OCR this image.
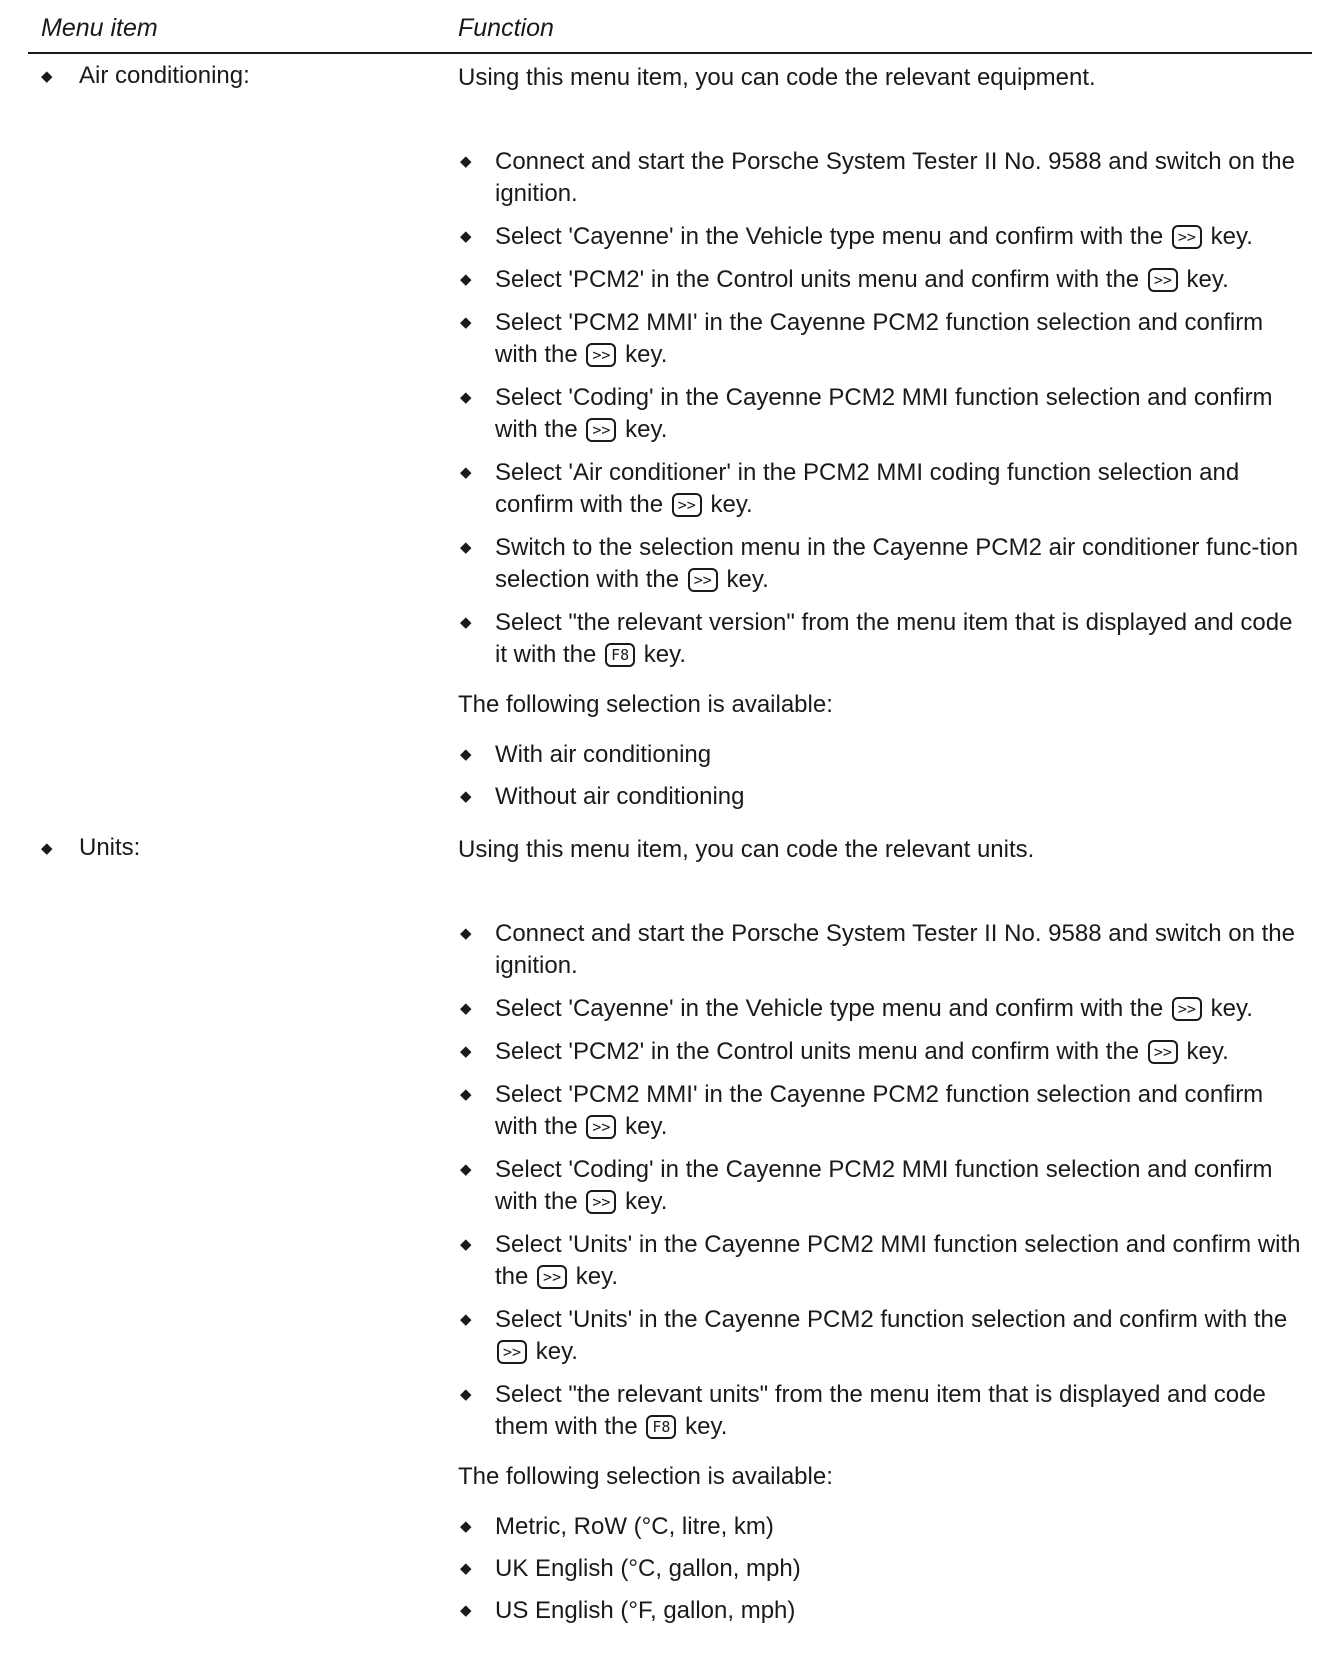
Menu item	Function
◆ Air conditioning:	Using this menu item, you can code the relevant equipment.

◆ Connect and start the Porsche System Tester II No. 9588 and switch on the ignition.
◆ Select 'Cayenne' in the Vehicle type menu and confirm with the >> key.
◆ Select 'PCM2' in the Control units menu and confirm with the >> key.
◆ Select 'PCM2 MMI' in the Cayenne PCM2 function selection and confirm with the >> key.
◆ Select 'Coding' in the Cayenne PCM2 MMI function selection and confirm with the >> key.
◆ Select 'Air conditioner' in the PCM2 MMI coding function selection and confirm with the >> key.
◆ Switch to the selection menu in the Cayenne PCM2 air conditioner func-tion selection with the >> key.
◆ Select "the relevant version" from the menu item that is displayed and code it with the F8 key.

The following selection is available:

◆ With air conditioning
◆ Without air conditioning
◆ Units:	Using this menu item, you can code the relevant units.

◆ Connect and start the Porsche System Tester II No. 9588 and switch on the ignition.
◆ Select 'Cayenne' in the Vehicle type menu and confirm with the >> key.
◆ Select 'PCM2' in the Control units menu and confirm with the >> key.
◆ Select 'PCM2 MMI' in the Cayenne PCM2 function selection and confirm with the >> key.
◆ Select 'Coding' in the Cayenne PCM2 MMI function selection and confirm with the >> key.
◆ Select 'Units' in the Cayenne PCM2 MMI function selection and confirm with the >> key.
◆ Select 'Units' in the Cayenne PCM2 function selection and confirm with the >> key.
◆ Select "the relevant units" from the menu item that is displayed and code them with the F8 key.

The following selection is available:

◆ Metric, RoW (°C, litre, km)
◆ UK English (°C, gallon, mph)
◆ US English (°F, gallon, mph)
